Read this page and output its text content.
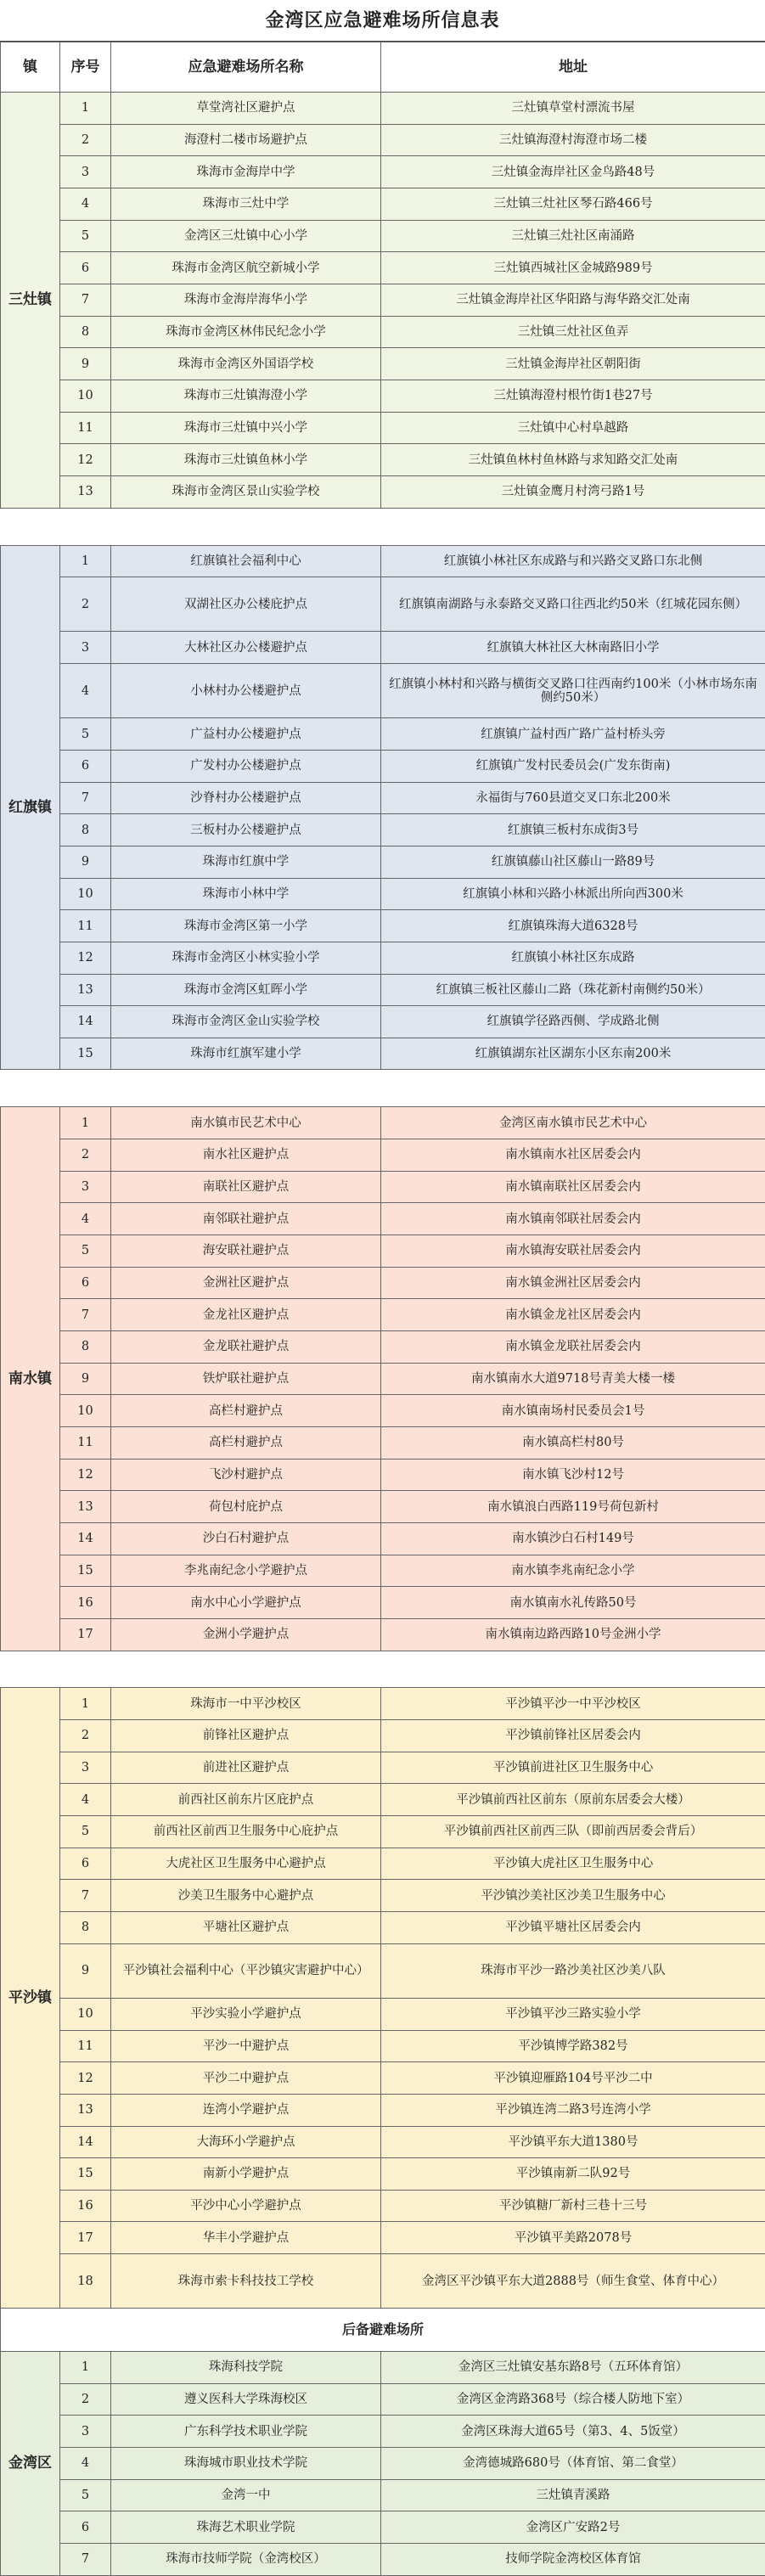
金湾区应急避难场所信息表
镇	序号	应急避难场所名称	地址
三灶镇	1	草堂湾社区避护点	三灶镇草堂村漂流书屋
	2	海澄村二楼市场避护点	三灶镇海澄村海澄市场二楼
	3	珠海市金海岸中学	三灶镇金海岸社区金鸟路48号
	4	珠海市三灶中学	三灶镇三灶社区琴石路466号
	5	金湾区三灶镇中心小学	三灶镇三灶社区南涌路
	6	珠海市金湾区航空新城小学	三灶镇西城社区金城路989号
	7	珠海市金海岸海华小学	三灶镇金海岸社区华阳路与海华路交汇处南
	8	珠海市金湾区林伟民纪念小学	三灶镇三灶社区鱼弄
	9	珠海市金湾区外国语学校	三灶镇金海岸社区朝阳街
	10	珠海市三灶镇海澄小学	三灶镇海澄村根竹街1巷27号
	11	珠海市三灶镇中兴小学	三灶镇中心村阜越路
	12	珠海市三灶镇鱼林小学	三灶镇鱼林村鱼林路与求知路交汇处南
	13	珠海市金湾区景山实验学校	三灶镇金鹰月村湾弓路1号

红旗镇	1	红旗镇社会福利中心	红旗镇小林社区东成路与和兴路交叉路口东北侧
	2	双湖社区办公楼庇护点	红旗镇南湖路与永泰路交叉路口往西北约50米（红城花园东侧）
	3	大林社区办公楼避护点	红旗镇大林社区大林南路旧小学
	4	小林村办公楼避护点	红旗镇小林村和兴路与横街交叉路口往西南约100米（小林市场东南侧约50米）
	5	广益村办公楼避护点	红旗镇广益村西广路广益村桥头旁
	6	广发村办公楼避护点	红旗镇广发村民委员会(广发东街南)
	7	沙脊村办公楼避护点	永福街与760县道交叉口东北200米
	8	三板村办公楼避护点	红旗镇三板村东成街3号
	9	珠海市红旗中学	红旗镇藤山社区藤山一路89号
	10	珠海市小林中学	红旗镇小林和兴路小林派出所向西300米
	11	珠海市金湾区第一小学	红旗镇珠海大道6328号
	12	珠海市金湾区小林实验小学	红旗镇小林社区东成路
	13	珠海市金湾区虹晖小学	红旗镇三板社区藤山二路（珠花新村南侧约50米）
	14	珠海市金湾区金山实验学校	红旗镇学径路西侧、学成路北侧
	15	珠海市红旗军建小学	红旗镇湖东社区湖东小区东南200米

南水镇	1	南水镇市民艺术中心	金湾区南水镇市民艺术中心
	2	南水社区避护点	南水镇南水社区居委会内
	3	南联社区避护点	南水镇南联社区居委会内
	4	南邻联社避护点	南水镇南邻联社居委会内
	5	海安联社避护点	南水镇海安联社居委会内
	6	金洲社区避护点	南水镇金洲社区居委会内
	7	金龙社区避护点	南水镇金龙社区居委会内
	8	金龙联社避护点	南水镇金龙联社居委会内
	9	铁炉联社避护点	南水镇南水大道9718号青美大楼一楼
	10	高栏村避护点	南水镇南场村民委员会1号
	11	高栏村避护点	南水镇高栏村80号
	12	飞沙村避护点	南水镇飞沙村12号
	13	荷包村庇护点	南水镇浪白西路119号荷包新村
	14	沙白石村避护点	南水镇沙白石村149号
	15	李兆南纪念小学避护点	南水镇李兆南纪念小学
	16	南水中心小学避护点	南水镇南水礼传路50号
	17	金洲小学避护点	南水镇南边路西路10号金洲小学

平沙镇	1	珠海市一中平沙校区	平沙镇平沙一中平沙校区
	2	前锋社区避护点	平沙镇前锋社区居委会内
	3	前进社区避护点	平沙镇前进社区卫生服务中心
	4	前西社区前东片区庇护点	平沙镇前西社区前东（原前东居委会大楼）
	5	前西社区前西卫生服务中心庇护点	平沙镇前西社区前西三队（即前西居委会背后）
	6	大虎社区卫生服务中心避护点	平沙镇大虎社区卫生服务中心
	7	沙美卫生服务中心避护点	平沙镇沙美社区沙美卫生服务中心
	8	平塘社区避护点	平沙镇平塘社区居委会内
	9	平沙镇社会福利中心（平沙镇灾害避护中心）	珠海市平沙一路沙美社区沙美八队
	10	平沙实验小学避护点	平沙镇平沙三路实验小学
	11	平沙一中避护点	平沙镇博学路382号
	12	平沙二中避护点	平沙镇迎雁路104号平沙二中
	13	连湾小学避护点	平沙镇连湾二路3号连湾小学
	14	大海环小学避护点	平沙镇平东大道1380号
	15	南新小学避护点	平沙镇南新二队92号
	16	平沙中心小学避护点	平沙镇糖厂新村三巷十三号
	17	华丰小学避护点	平沙镇平美路2078号
	18	珠海市索卡科技技工学校	金湾区平沙镇平东大道2888号（师生食堂、体育中心）
后备避难场所			
金湾区	1	珠海科技学院	金湾区三灶镇安基东路8号（五环体育馆）
	2	遵义医科大学珠海校区	金湾区金湾路368号（综合楼人防地下室）
	3	广东科学技术职业学院	金湾区珠海大道65号（第3、4、5饭堂）
	4	珠海城市职业技术学院	金湾德城路680号（体育馆、第二食堂）
	5	金湾一中	三灶镇青溪路
	6	珠海艺术职业学院	金湾区广安路2号
	7	珠海市技师学院（金湾校区）	技师学院金湾校区体育馆
